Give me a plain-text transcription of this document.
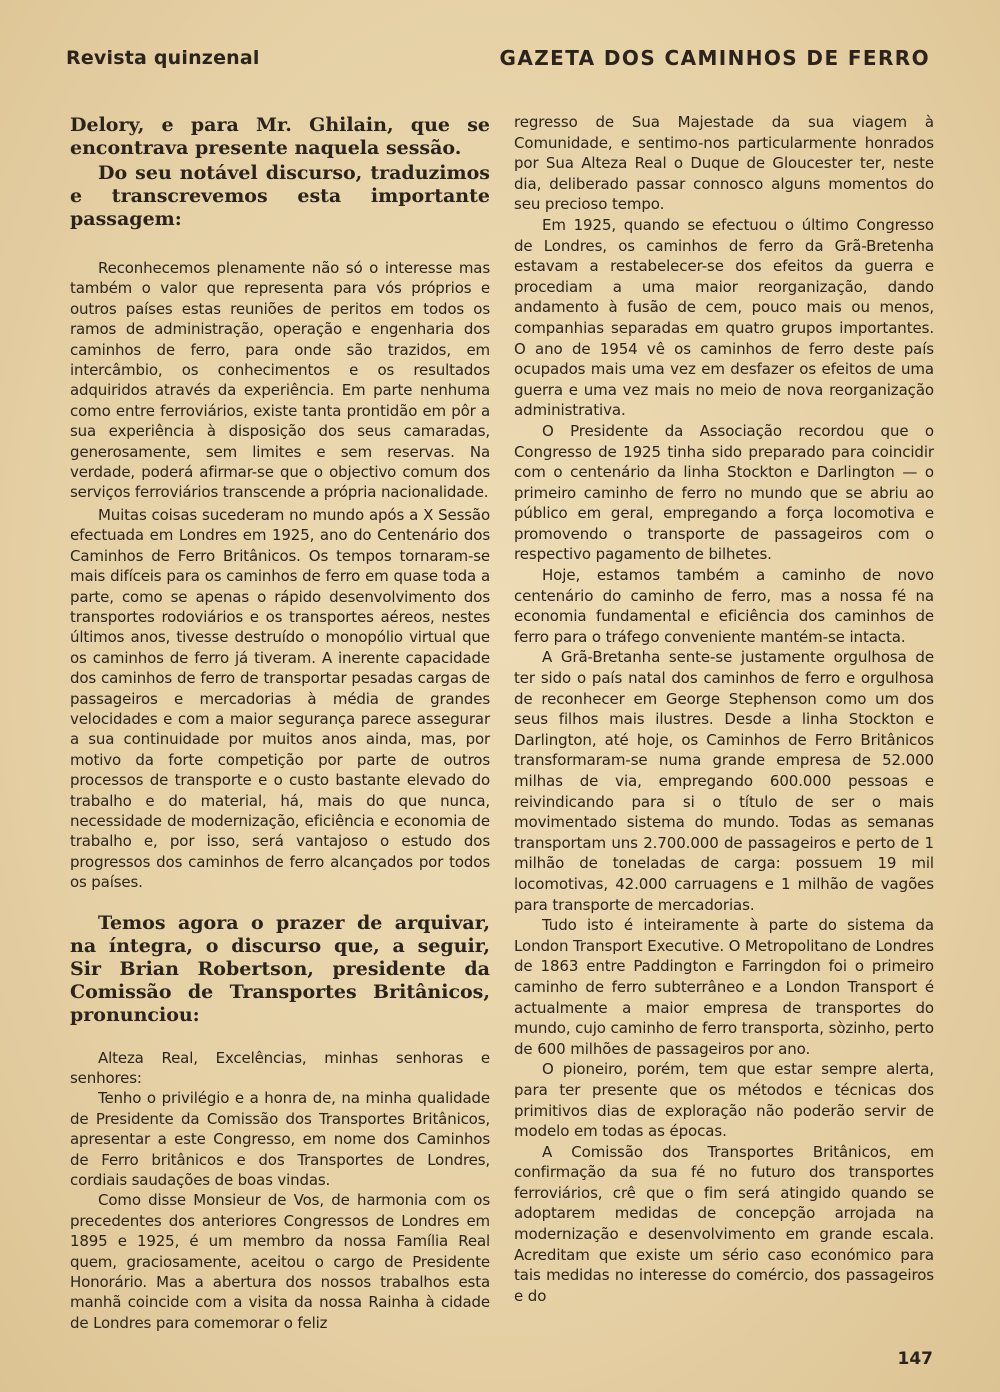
Revista quinzenal	GAZETA DOS CAMINHOS DE FERRO

Delory, e para Mr. Ghilain, que se encontrava presente naquela sessão.

Do seu notável discurso, traduzimos e transcrevemos esta importante passagem:

Reconhecemos plenamente não só o interesse mas também o valor que representa para vós próprios e outros países estas reuniões de peritos em todos os ramos de administração, operação e engenharia dos caminhos de ferro, para onde são trazidos, em intercâmbio, os conhecimentos e os resultados adquiridos através da experiência. Em parte nenhuma como entre ferroviários, existe tanta prontidão em pôr a sua experiência à disposição dos seus camaradas, generosamente, sem limites e sem reservas. Na verdade, poderá afirmar-se que o objectivo comum dos serviços ferroviários transcende a própria nacionalidade.

Muitas coisas sucederam no mundo após a X Sessão efectuada em Londres em 1925, ano do Centenário dos Caminhos de Ferro Britânicos. Os tempos tornaram-se mais difíceis para os caminhos de ferro em quase toda a parte, como se apenas o rápido desenvolvimento dos transportes rodoviários e os transportes aéreos, nestes últimos anos, tivesse destruído o monopólio virtual que os caminhos de ferro já tiveram. A inerente capacidade dos caminhos de ferro de transportar pesadas cargas de passageiros e mercadorias à média de grandes velocidades e com a maior segurança parece assegurar a sua continuidade por muitos anos ainda, mas, por motivo da forte competição por parte de outros processos de transporte e o custo bastante elevado do trabalho e do material, há, mais do que nunca, necessidade de modernização, eficiência e economia de trabalho e, por isso, será vantajoso o estudo dos progressos dos caminhos de ferro alcançados por todos os países.

Temos agora o prazer de arquivar, na íntegra, o discurso que, a seguir, Sir Brian Robertson, presidente da Comissão de Transportes Britânicos, pronunciou:

Alteza Real, Excelências, minhas senhoras e senhores:

Tenho o privilégio e a honra de, na minha qualidade de Presidente da Comissão dos Transportes Britânicos, apresentar a este Congresso, em nome dos Caminhos de Ferro britânicos e dos Transportes de Londres, cordiais saudações de boas vindas.

Como disse Monsieur de Vos, de harmonia com os precedentes dos anteriores Congressos de Londres em 1895 e 1925, é um membro da nossa Família Real quem, graciosamente, aceitou o cargo de Presidente Honorário. Mas a abertura dos nossos trabalhos esta manhã coincide com a visita da nossa Rainha à cidade de Londres para comemorar o feliz

regresso de Sua Majestade da sua viagem à Comunidade, e sentimo-nos particularmente honrados por Sua Alteza Real o Duque de Gloucester ter, neste dia, deliberado passar connosco alguns momentos do seu precioso tempo.

Em 1925, quando se efectuou o último Congresso de Londres, os caminhos de ferro da Grã-Bretenha estavam a restabelecer-se dos efeitos da guerra e procediam a uma maior reorganização, dando andamento à fusão de cem, pouco mais ou menos, companhias separadas em quatro grupos importantes. O ano de 1954 vê os caminhos de ferro deste país ocupados mais uma vez em desfazer os efeitos de uma guerra e uma vez mais no meio de nova reorganização administrativa.

O Presidente da Associação recordou que o Congresso de 1925 tinha sido preparado para coincidir com o centenário da linha Stockton e Darlington — o primeiro caminho de ferro no mundo que se abriu ao público em geral, empregando a força locomotiva e promovendo o transporte de passageiros com o respectivo pagamento de bilhetes.

Hoje, estamos também a caminho de novo centenário do caminho de ferro, mas a nossa fé na economia fundamental e eficiência dos caminhos de ferro para o tráfego conveniente mantém-se intacta.

A Grã-Bretanha sente-se justamente orgulhosa de ter sido o país natal dos caminhos de ferro e orgulhosa de reconhecer em George Stephenson como um dos seus filhos mais ilustres. Desde a linha Stockton e Darlington, até hoje, os Caminhos de Ferro Britânicos transformaram-se numa grande empresa de 52.000 milhas de via, empregando 600.000 pessoas e reivindicando para si o título de ser o mais movimentado sistema do mundo. Todas as semanas transportam uns 2.700.000 de passageiros e perto de 1 milhão de toneladas de carga: possuem 19 mil locomotivas, 42.000 carruagens e 1 milhão de vagões para transporte de mercadorias.

Tudo isto é inteiramente à parte do sistema da London Transport Executive. O Metropolitano de Londres de 1863 entre Paddington e Farringdon foi o primeiro caminho de ferro subterrâneo e a London Transport é actualmente a maior empresa de transportes do mundo, cujo caminho de ferro transporta, sòzinho, perto de 600 milhões de passageiros por ano.

O pioneiro, porém, tem que estar sempre alerta, para ter presente que os métodos e técnicas dos primitivos dias de exploração não poderão servir de modelo em todas as épocas.

A Comissão dos Transportes Britânicos, em confirmação da sua fé no futuro dos transportes ferroviários, crê que o fim será atingido quando se adoptarem medidas de concepção arrojada na modernização e desenvolvimento em grande escala. Acreditam que existe um sério caso económico para tais medidas no interesse do comércio, dos passageiros e do

147
